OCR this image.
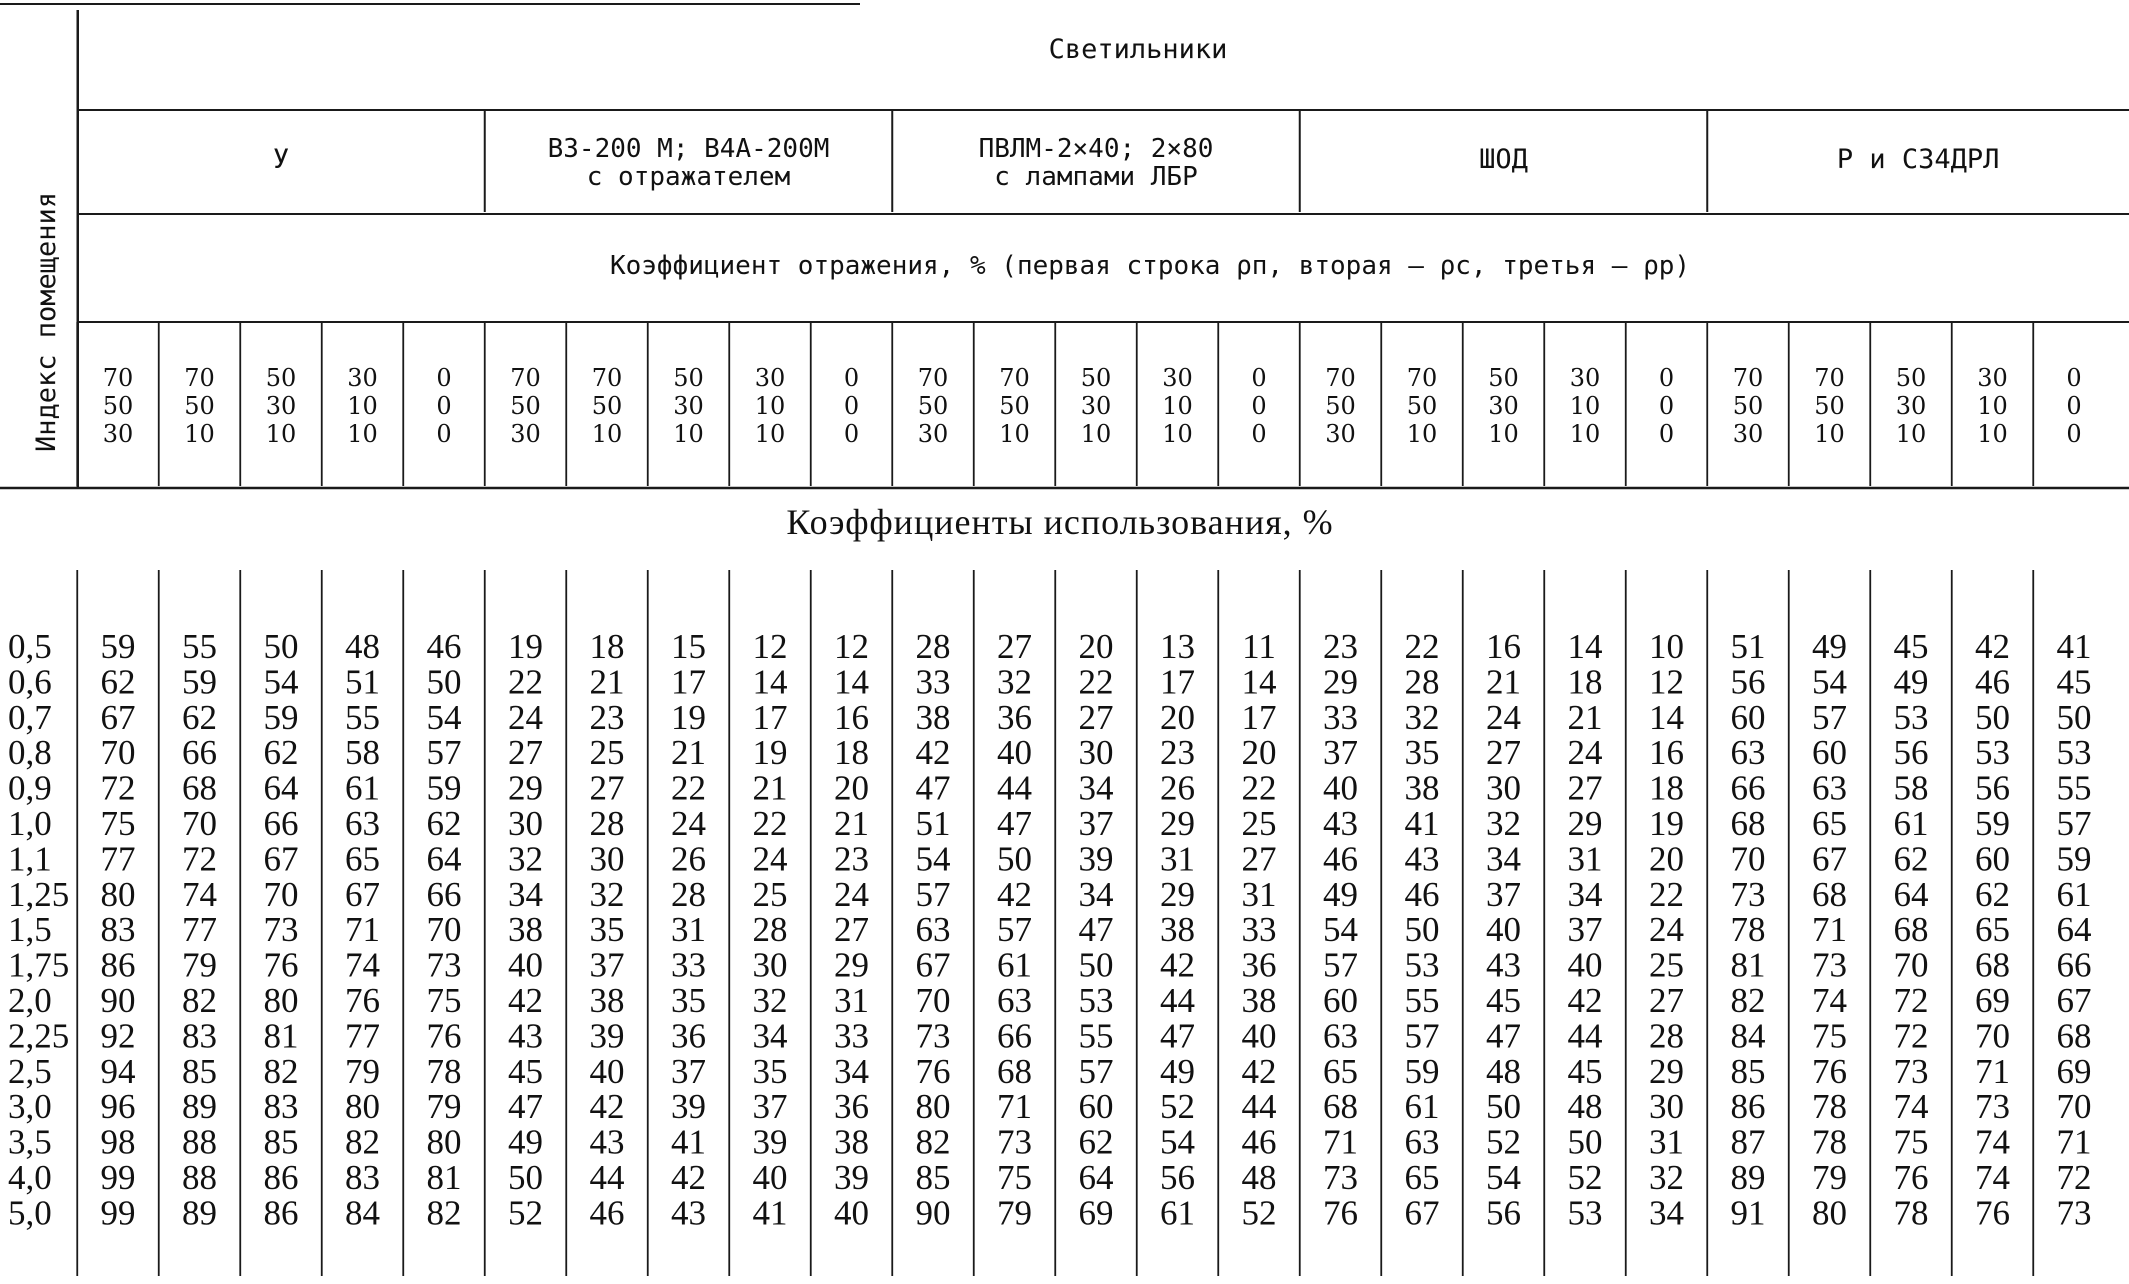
Индекс помещения
Светильники
У	ВЗ-200 М; В4А-200М
с отражателем
ПВЛМ-2×40; 2×80
с лампами ЛБР
ШОД	Р и С34ДРЛ
Коэффициент отражения, % (первая строка ρп, вторая — ρс, третья — ρр)
70
50
30
70
50
10
50
30
10
30
10
10
0
0
0
70
50
30
70
50
10
50
30
10
30
10
10
0
0
0
70
50
30
70
50
10
50
30
10
30
10
10
0
0
0
70
50
30
70
50
10
50
30
10
30
10
10
0
0
0
70
50
30
70
50
10
50
30
10
30
10
10
0
0
0
Коэффициенты использования, %
0,5 59 55 50 48 46 19 18 15 12 12 28 27 20 13 11 23 22 16 14 10 51 49 45 42 41
0,6 62 59 54 51 50 22 21 17 14 14 33 32 22 17 14 29 28 21 18 12 56 54 49 46 45
0,7 67 62 59 55 54 24 23 19 17 16 38 36 27 20 17 33 32 24 21 14 60 57 53 50 50
0,8 70 66 62 58 57 27 25 21 19 18 42 40 30 23 20 37 35 27 24 16 63 60 56 53 53
0,9 72 68 64 61 59 29 27 22 21 20 47 44 34 26 22 40 38 30 27 18 66 63 58 56 55
1,0 75 70 66 63 62 30 28 24 22 21 51 47 37 29 25 43 41 32 29 19 68 65 61 59 57
1,1 77 72 67 65 64 32 30 26 24 23 54 50 39 31 27 46 43 34 31 20 70 67 62 60 59
1,25 80 74 70 67 66 34 32 28 25 24 57 42 34 29 31 49 46 37 34 22 73 68 64 62 61
1,5 83 77 73 71 70 38 35 31 28 27 63 57 47 38 33 54 50 40 37 24 78 71 68 65 64
1,75 86 79 76 74 73 40 37 33 30 29 67 61 50 42 36 57 53 43 40 25 81 73 70 68 66
2,0 90 82 80 76 75 42 38 35 32 31 70 63 53 44 38 60 55 45 42 27 82 74 72 69 67
2,25 92 83 81 77 76 43 39 36 34 33 73 66 55 47 40 63 57 47 44 28 84 75 72 70 68
2,5 94 85 82 79 78 45 40 37 35 34 76 68 57 49 42 65 59 48 45 29 85 76 73 71 69
3,0 96 89 83 80 79 47 42 39 37 36 80 71 60 52 44 68 61 50 48 30 86 78 74 73 70
3,5 98 88 85 82 80 49 43 41 39 38 82 73 62 54 46 71 63 52 50 31 87 78 75 74 71
4,0 99 88 86 83 81 50 44 42 40 39 85 75 64 56 48 73 65 54 52 32 89 79 76 74 72
5,0 99 89 86 84 82 52 46 43 41 40 90 79 69 61 52 76 67 56 53 34 91 80 78 76 73
